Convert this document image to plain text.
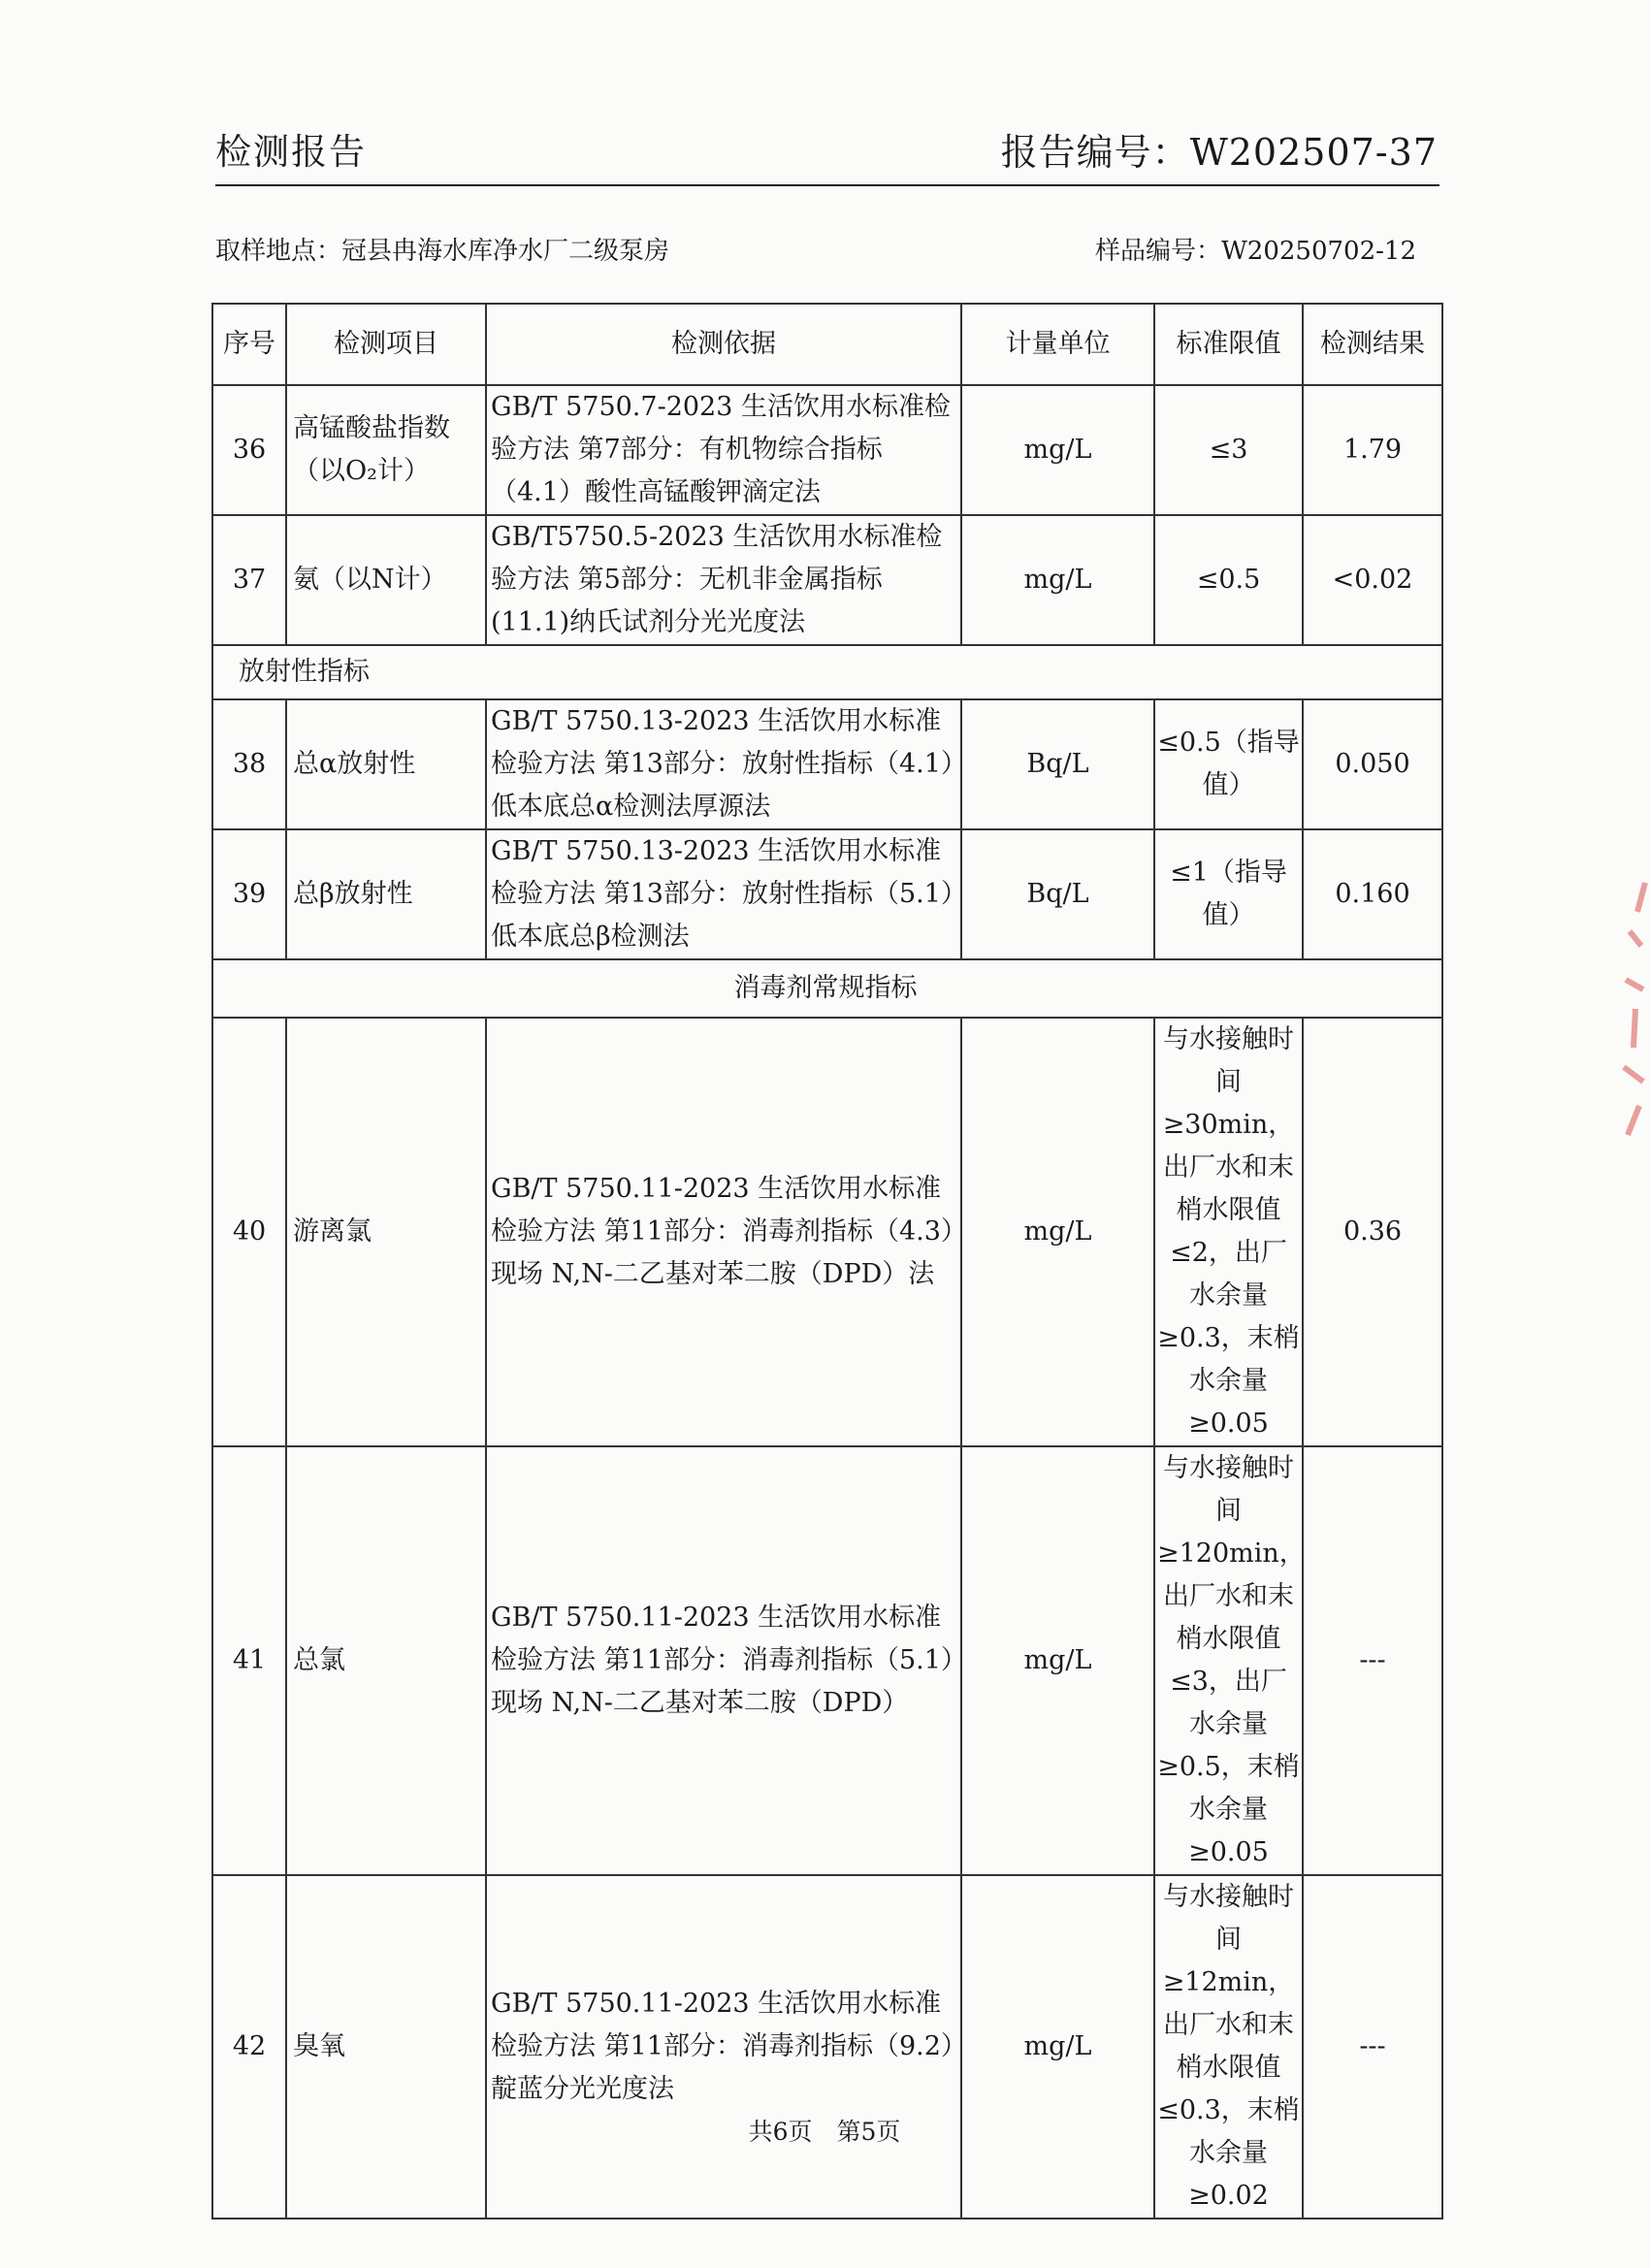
检测报告	报告编号：W202507-37
取样地点：冠县冉海水库净水厂二级泵房	样品编号：W20250702-12
序号	检测项目	检测依据	计量单位	标准限值	检测结果
36	高锰酸盐指数（以O₂计）	GB/T 5750.7-2023 生活饮用水标准检验方法 第7部分：有机物综合指标（4.1）酸性高锰酸钾滴定法	mg/L	≤3	1.79
37	氨（以N计）	GB/T5750.5-2023 生活饮用水标准检验方法 第5部分：无机非金属指标(11.1)纳氏试剂分光光度法	mg/L	≤0.5	<0.02
放射性指标					
38	总α放射性	GB/T 5750.13-2023 生活饮用水标准检验方法 第13部分：放射性指标（4.1）低本底总α检测法厚源法	Bq/L	≤0.5（指导值）	0.050
39	总β放射性	GB/T 5750.13-2023 生活饮用水标准检验方法 第13部分：放射性指标（5.1）低本底总β检测法	Bq/L	≤1（指导值）	0.160
消毒剂常规指标					
40	游离氯	GB/T 5750.11-2023 生活饮用水标准检验方法 第11部分：消毒剂指标（4.3）现场 N,N-二乙基对苯二胺（DPD）法	mg/L	与水接触时间≥30min，出厂水和末梢水限值≤2，出厂水余量≥0.3，末梢水余量≥0.05	0.36
41	总氯	GB/T 5750.11-2023 生活饮用水标准检验方法 第11部分：消毒剂指标（5.1）现场 N,N-二乙基对苯二胺（DPD）	mg/L	与水接触时间≥120min，出厂水和末梢水限值≤3，出厂水余量≥0.5，末梢水余量≥0.05	---
42	臭氧	GB/T 5750.11-2023 生活饮用水标准检验方法 第11部分：消毒剂指标（9.2）靛蓝分光光度法	mg/L	与水接触时间≥12min，出厂水和末梢水限值≤0.3，末梢水余量≥0.02	---
共6页　第5页
